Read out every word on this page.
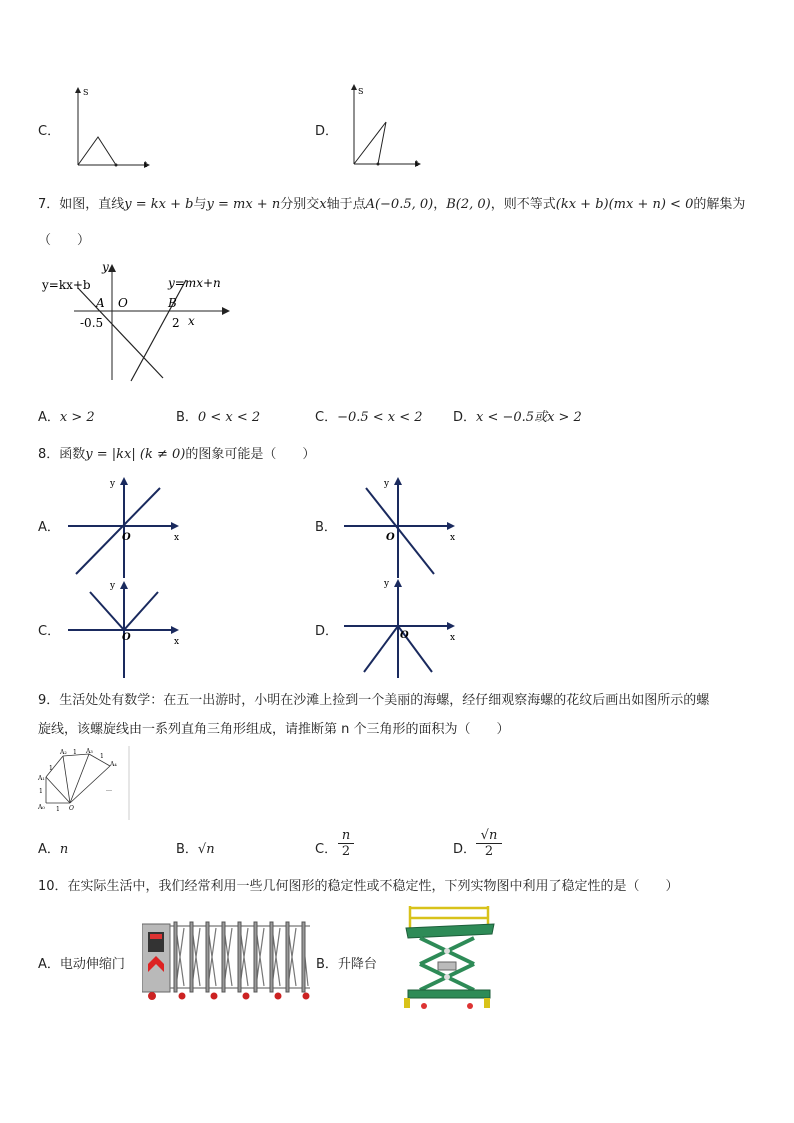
C．
S
t
D．
S
t
7．如图，直线y = kx + b与y = mx + n分别交x轴于点A(−0.5, 0)，B(2, 0)，则不等式(kx + b)(mx + n) < 0的解集为
（　　）
y=kx+b	y=mx+n
y
x
A O	B
-0.5	2
A．x > 2	B．0 < x < 2	C．−0.5 < x < 2 D．x < −0.5或x > 2
8．函数y = |kx| (k ≠ 0)的图象可能是（　　）
A．
y
x
O
B．
y
x
O
C．
y
x
O	D．
y
x
O
9．生活处处有数学：在五一出游时，小明在沙滩上捡到一个美丽的海螺，经仔细观察海螺的花纹后画出如图所示的螺
旋线，该螺旋线由一系列直角三角形组成，请推断第 n 个三角形的面积为（　　）
A₀
A₁
A₂	A₃
A₄
1
1
1
1
1
O
…
A．n	B．√n	C．
n
2	D．
√n
2
10．在实际生活中，我们经常利用一些几何图形的稳定性或不稳定性，下列实物图中利用了稳定性的是（　　）
A．电动伸缩门	B．升降台
